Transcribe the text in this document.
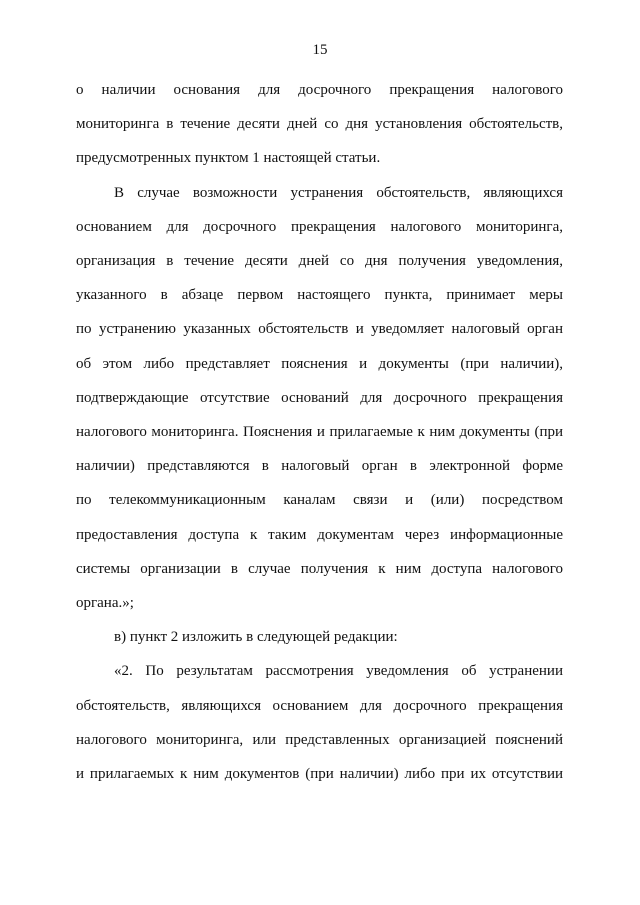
15
о наличии основания для досрочного прекращения налогового
мониторинга в течение десяти дней со дня установления обстоятельств,
предусмотренных пунктом 1 настоящей статьи.
В случае возможности устранения обстоятельств, являющихся
основанием для досрочного прекращения налогового мониторинга,
организация в течение десяти дней со дня получения уведомления,
указанного в абзаце первом настоящего пункта, принимает меры
по устранению указанных обстоятельств и уведомляет налоговый орган
об этом либо представляет пояснения и документы (при наличии),
подтверждающие отсутствие оснований для досрочного прекращения
налогового мониторинга. Пояснения и прилагаемые к ним документы (при
наличии) представляются в налоговый орган в электронной форме
по телекоммуникационным каналам связи и (или) посредством
предоставления доступа к таким документам через информационные
системы организации в случае получения к ним доступа налогового
органа.»;
в) пункт 2 изложить в следующей редакции:
«2. По результатам рассмотрения уведомления об устранении
обстоятельств, являющихся основанием для досрочного прекращения
налогового мониторинга, или представленных организацией пояснений
и прилагаемых к ним документов (при наличии) либо при их отсутствии
